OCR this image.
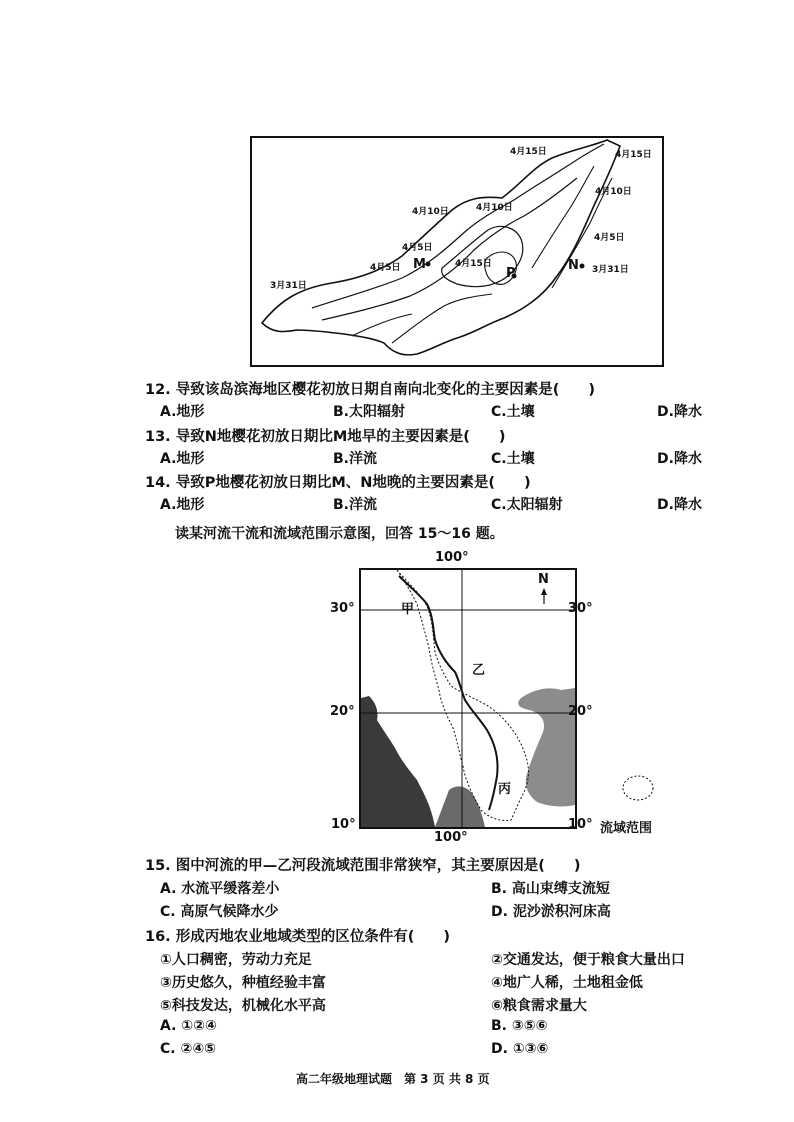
4月15日	4月15日
4月10日
4月10日
4月10日
4月5日
4月5日
4月5日	4月15日
3月31日
3月31日
M
P
N
12. 导致该岛滨海地区樱花初放日期自南向北变化的主要因素是(　　)
A.地形	B.太阳辐射	C.土壤	D.降水
13. 导致N地樱花初放日期比M地早的主要因素是(　　)
A.地形	B.洋流	C.土壤	D.降水
14. 导致P地樱花初放日期比M、N地晚的主要因素是(　　)
A.地形	B.洋流	C.太阳辐射	D.降水
读某河流干流和流域范围示意图，回答 15～16 题。
100°
N
甲
乙
丙
30°	30°
20°	20°
10°	10°
100°
流域范围
15. 图中河流的甲—乙河段流域范围非常狭窄，其主要原因是(　　)
A. 水流平缓落差小	B. 高山束缚支流短
C. 高原气候降水少	D. 泥沙淤积河床高
16. 形成丙地农业地域类型的区位条件有(　　)
①人口稠密，劳动力充足	②交通发达，便于粮食大量出口
③历史悠久，种植经验丰富	④地广人稀，土地租金低
⑤科技发达，机械化水平高	⑥粮食需求量大
A. ①②④	B. ③⑤⑥
C. ②④⑤	D. ①③⑥
高二年级地理试题　第 3 页 共 8 页
